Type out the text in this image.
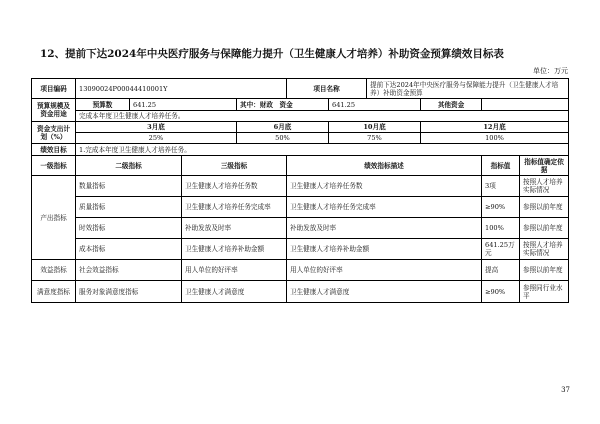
12、提前下达2024年中央医疗服务与保障能力提升（卫生健康人才培养）补助资金预算绩效目标表
单位：万元
项目编码	13090024P00044410001Y				项目名称		提前下达2024年中央医疗服务与保障能力提升（卫生健康人才培养）补助资金预算			
预算规模及资金用途	预算数	641.25		其中：财政　资金		641.25		其他资金		
	完成本年度卫生健康人才培养任务。									
资金支出计划（%）	3月底			6月底		10月底		12月底		
	25%			50%		75%		100%		
绩效目标	1.完成本年度卫生健康人才培养任务。									
一级指标	二级指标		三级指标		绩效指标描述				指标值	指标值确定依据
产出指标	数量指标		卫生健康人才培养任务数		卫生健康人才培养任务数				3项	按照人才培养实际情况
	质量指标		卫生健康人才培养任务完成率		卫生健康人才培养任务完成率				≥90%	参照以前年度
	时效指标		补助发放及时率		补助发放及时率				100%	参照以前年度
	成本指标		卫生健康人才培养补助金额		卫生健康人才培养补助金额				641.25万元	按照人才培养实际情况
效益指标	社会效益指标		用人单位的好评率		用人单位的好评率				提高	参照以前年度
满意度指标	服务对象满意度指标		卫生健康人才满意度		卫生健康人才满意度				≥90%	参照同行业水平
37
